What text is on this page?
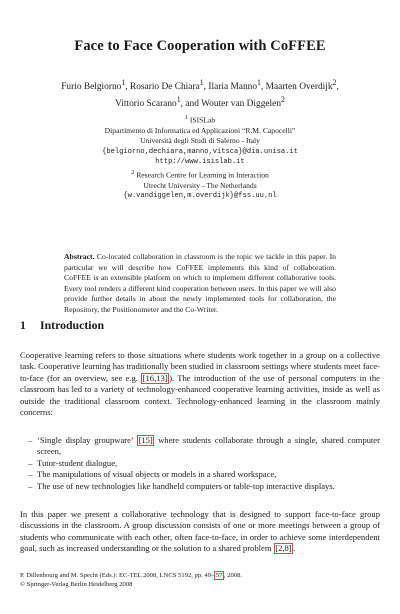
Face to Face Cooperation with CoFFEE
Furio Belgiorno$^1$, Rosario De Chiara$^1$, Ilaria Manno$^1$, Maarten Overdijk$^2$,
Vittorio Scarano$^1$, and Wouter van Diggelen$^2$
$^1$ ISISLab
Dipartimento di Informatica ed Applicazioni “R.M. Capocelli”
Università degli Studi di Salerno - Italy
{belgiorno,dechiara,manno,vitsca}@dia.unisa.it
http://www.isislab.it
$^2$ Research Centre for Learning in Interaction
Utrecht University - The Netherlands
{w.vandiggelen,m.overdijk}@fss.uu.nl
Abstract. Co-located collaboration in classroom is the topic we tackle in this paper. In particular we will describe how CoFFEE implements this kind of collaboration. CoFFEE is an extensible platform on which to implement different collaborative tools. Every tool renders a different kind cooperation between users. In this paper we will also provide further details in about the newly implemented tools for collaboration, the Repository, the Positionometer and the Co-Writer.
1 Introduction
Cooperative learning refers to those situations where students work together in a group on a collective task. Cooperative learning has traditionally been studied in classroom settings where students meet face-to-face (for an overview, see e.g. [16,13] ). The introduction of the use of personal computers in the classroom has led to a variety of technology-enhanced cooperative learning activities, inside as well as outside the traditional classroom context. Technology-enhanced learning in the classroom mainly concerns:
– ‘Single display groupware’ [15] where students collaborate through a single, shared computer screen,
– Tutor-student dialogue,
– The manipulations of visual objects or models in a shared workspace,
– The use of new technologies like handheld computers or table-top interactive displays.
In this paper we present a collaborative technology that is designed to support face-to-face group discussions in the classroom. A group discussion consists of one or more meetings between a group of students who communicate with each other, often face-to-face, in order to achieve some interdependent goal, such as increased understanding or the solution to a shared problem [2,8] .
P. Dillenbourg and M. Specht (Eds.): EC-TEL 2008, LNCS 5192, pp. 49– 57 , 2008.
© Springer-Verlag Berlin Heidelberg 2008
